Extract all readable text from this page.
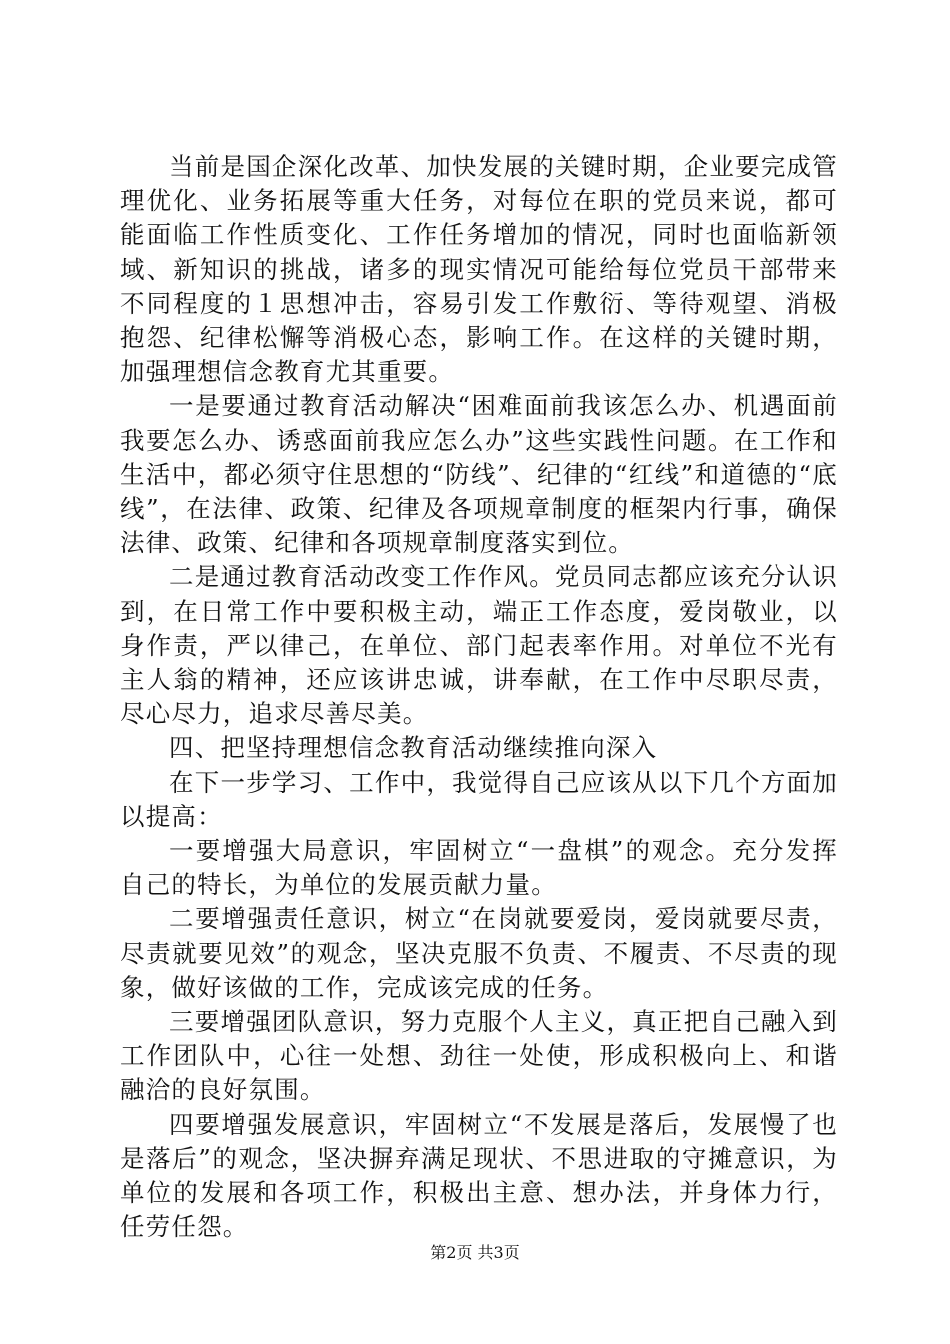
当前是国企深化改革、加快发展的关键时期，企业要完成管理优化、业务拓展等重大任务，对每位在职的党员来说，都可能面临工作性质变化、工作任务增加的情况，同时也面临新领域、新知识的挑战，诸多的现实情况可能给每位党员干部带来不同程度的１思想冲击，容易引发工作敷衍、等待观望、消极抱怨、纪律松懈等消极心态，影响工作。在这样的关键时期，加强理想信念教育尤其重要。

一是要通过教育活动解决“困难面前我该怎么办、机遇面前我要怎么办、诱惑面前我应怎么办”这些实践性问题。在工作和生活中，都必须守住思想的“防线”、纪律的“红线”和道德的“底线”，在法律、政策、纪律及各项规章制度的框架内行事，确保法律、政策、纪律和各项规章制度落实到位。

二是通过教育活动改变工作作风。党员同志都应该充分认识到，在日常工作中要积极主动，端正工作态度，爱岗敬业，以身作责，严以律己，在单位、部门起表率作用。对单位不光有主人翁的精神，还应该讲忠诚，讲奉献，在工作中尽职尽责，尽心尽力，追求尽善尽美。

四、把坚持理想信念教育活动继续推向深入

在下一步学习、工作中，我觉得自己应该从以下几个方面加以提高：

一要增强大局意识，牢固树立“一盘棋”的观念。充分发挥自己的特长，为单位的发展贡献力量。

二要增强责任意识，树立“在岗就要爱岗，爱岗就要尽责，尽责就要见效”的观念，坚决克服不负责、不履责、不尽责的现象，做好该做的工作，完成该完成的任务。

三要增强团队意识，努力克服个人主义，真正把自己融入到工作团队中，心往一处想、劲往一处使，形成积极向上、和谐融洽的良好氛围。

四要增强发展意识，牢固树立“不发展是落后，发展慢了也是落后”的观念，坚决摒弃满足现状、不思进取的守摊意识，为单位的发展和各项工作，积极出主意、想办法，并身体力行，任劳任怨。

第2页 共3页
